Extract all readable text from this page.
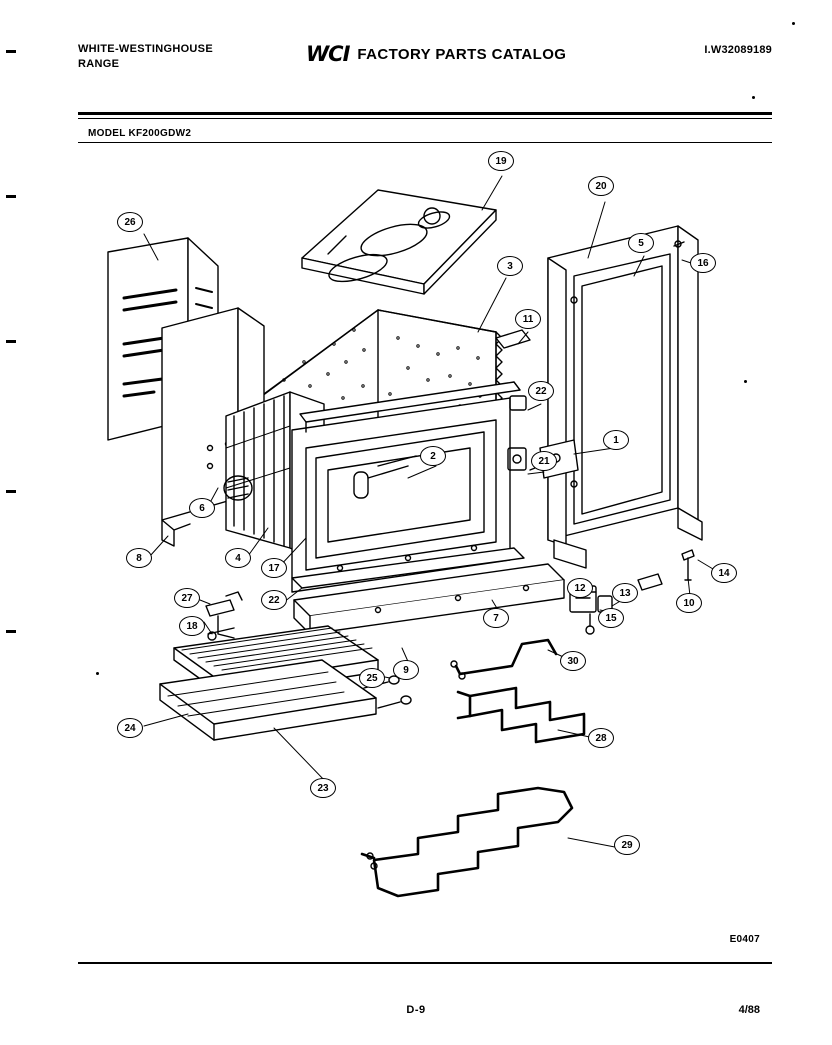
WHITE-WESTINGHOUSE
RANGE	WCI FACTORY PARTS CATALOG	I.W32089189
MODEL KF200GDW2
19
20
5
16
26
3
11
22
1
2	21
6
8	4
17	14
27	22
13
12
10
18
15
7
30
9
25
24
28
23
29
E0407
D-9	4/88
